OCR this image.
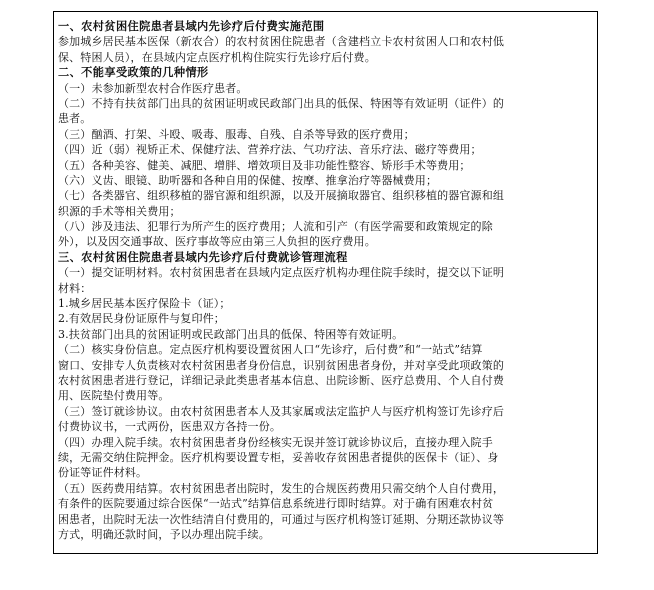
一、农村贫困住院患者县域内先诊疗后付费实施范围
参加城乡居民基本医保（新农合）的农村贫困住院患者（含建档立卡农村贫困人口和农村低
保、特困人员），在县域内定点医疗机构住院实行先诊疗后付费。
二、不能享受政策的几种情形
（一）未参加新型农村合作医疗患者。
（二）不持有扶贫部门出具的贫困证明或民政部门出具的低保、特困等有效证明（证件）的
患者。
（三）酗酒、打架、斗殴、吸毒、服毒、自残、自杀等导致的医疗费用；
（四）近（弱）视矫正术、保健疗法、营养疗法、气功疗法、音乐疗法、磁疗等费用；
（五）各种美容、健美、减肥、增胖、增效项目及非功能性整容、矫形手术等费用；
（六）义齿、眼镜、助听器和各种自用的保健、按摩、推拿治疗等器械费用；
（七）各类器官、组织移植的器官源和组织源，以及开展摘取器官、组织移植的器官源和组
织源的手术等相关费用；
（八）涉及违法、犯罪行为所产生的医疗费用；人流和引产（有医学需要和政策规定的除
外），以及因交通事故、医疗事故等应由第三人负担的医疗费用。
三、农村贫困住院患者县域内先诊疗后付费就诊管理流程
（一）提交证明材料。农村贫困患者在县域内定点医疗机构办理住院手续时，提交以下证明
材料：
1.城乡居民基本医疗保险卡（证）；
2.有效居民身份证原件与复印件；
3.扶贫部门出具的贫困证明或民政部门出具的低保、特困等有效证明。
（二）核实身份信息。定点医疗机构要设置贫困人口“先诊疗，后付费”和“一站式”结算
窗口、安排专人负责核对农村贫困患者身份信息，识别贫困患者身份，并对享受此项政策的
农村贫困患者进行登记，详细记录此类患者基本信息、出院诊断、医疗总费用、个人自付费
用、医院垫付费用等。
（三）签订就诊协议。由农村贫困患者本人及其家属或法定监护人与医疗机构签订先诊疗后
付费协议书，一式两份，医患双方各持一份。
（四）办理入院手续。农村贫困患者身份经核实无误并签订就诊协议后，直接办理入院手
续，无需交纳住院押金。医疗机构要设置专柜，妥善收存贫困患者提供的医保卡（证）、身
份证等证件材料。
（五）医药费用结算。农村贫困患者出院时，发生的合规医药费用只需交纳个人自付费用，
有条件的医院要通过综合医保“一站式”结算信息系统进行即时结算。对于确有困难农村贫
困患者，出院时无法一次性结清自付费用的，可通过与医疗机构签订延期、分期还款协议等
方式，明确还款时间，予以办理出院手续。
